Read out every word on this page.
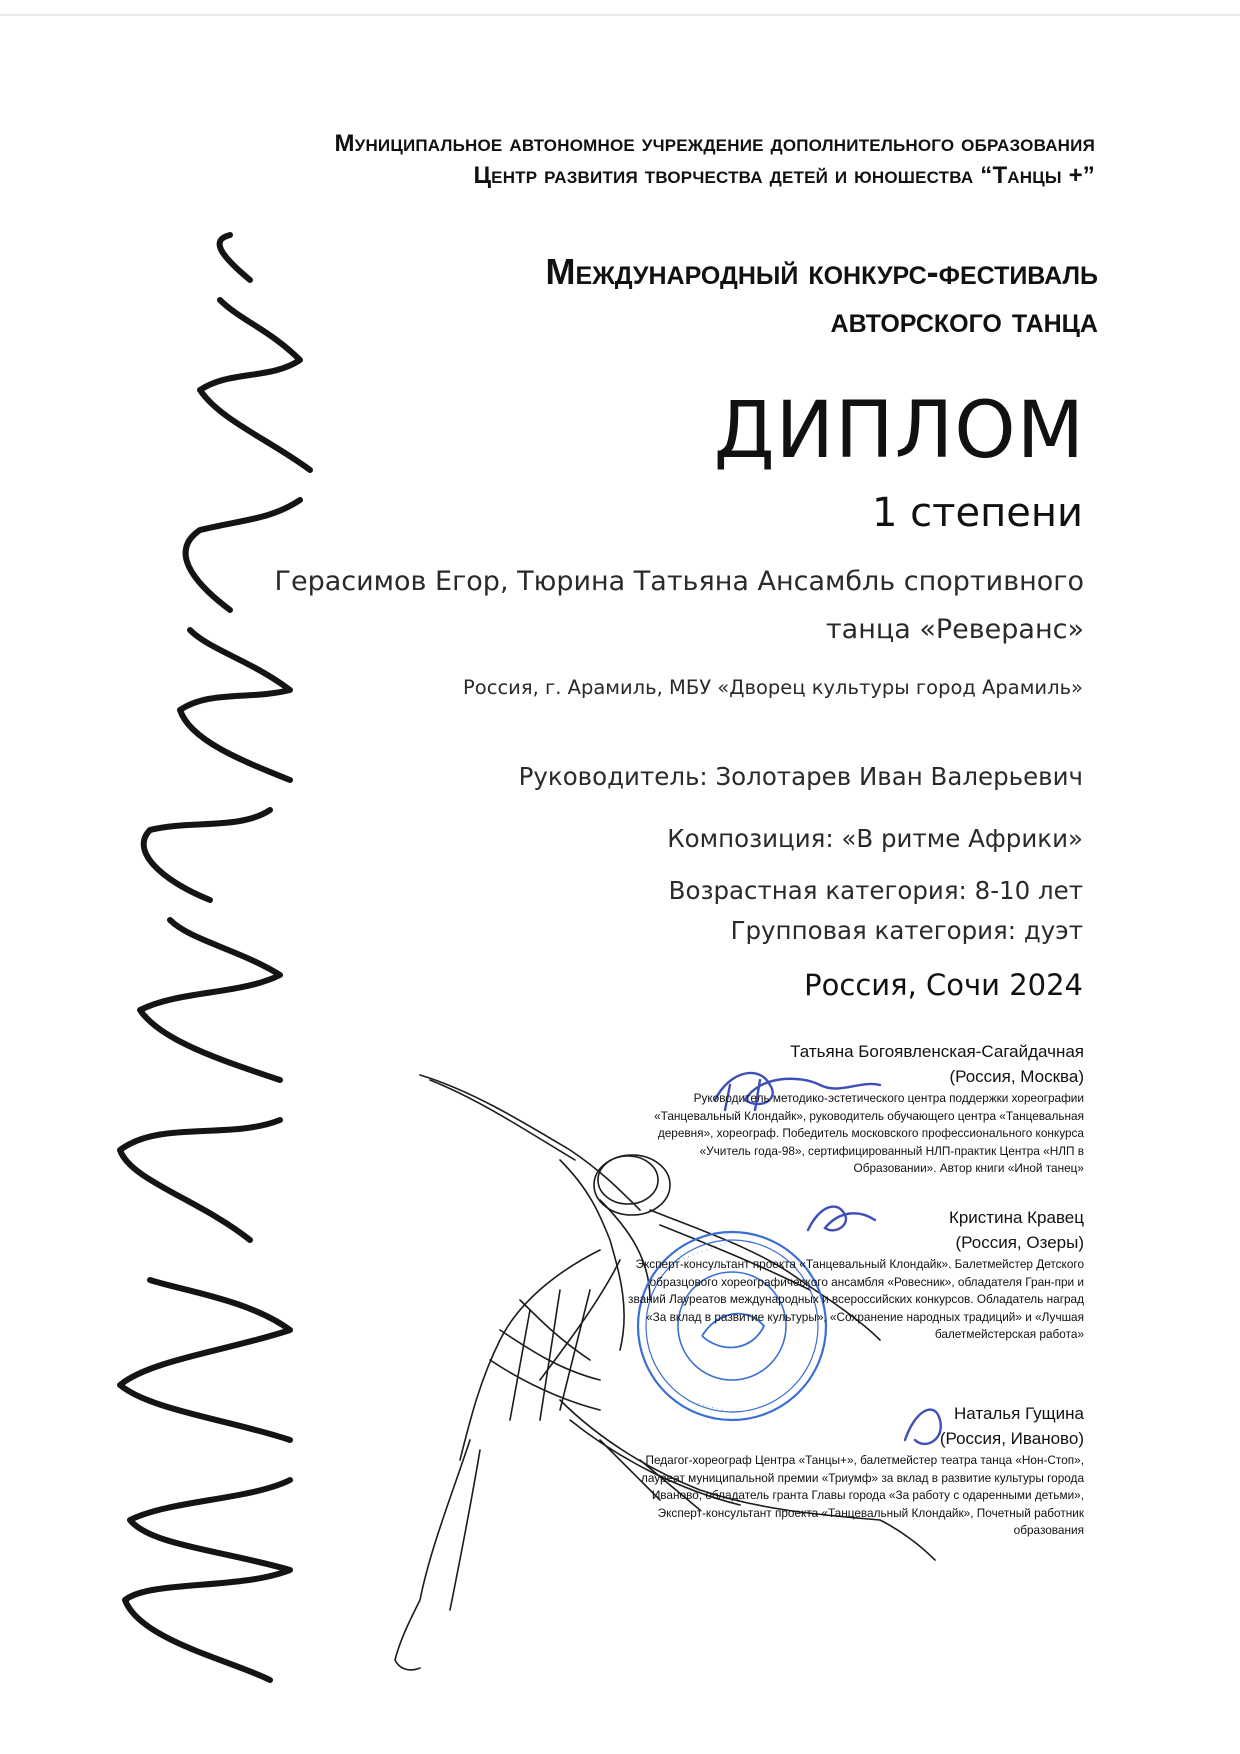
· · · · · · · · · · · ·
· · · · · · · · · ·
Муниципальное автономное учреждение дополнительного образования
Центр развития творчества детей и юношества “Танцы +”
Международный конкурс-фестиваль
авторского танца
ДИПЛОМ
1 степени
Герасимов Егор, Тюрина Татьяна Ансамбль спортивного танца «Реверанс»
Россия, г. Арамиль, МБУ «Дворец культуры город Арамиль»
Руководитель: Золотарев Иван Валерьевич
Композиция: «В ритме Африки»
Возрастная категория: 8-10 лет
Групповая категория: дуэт
Россия, Сочи 2024
Татьяна Богоявленская-Сагайдачная
(Россия, Москва)
Руководитель методико-эстетического центра поддержки хореографии «Танцевальный Клондайк», руководитель обучающего центра «Танцевальная деревня», хореограф. Победитель московского профессионального конкурса «Учитель года-98», сертифицированный НЛП-практик Центра «НЛП в Образовании». Автор книги «Иной танец»
Кристина Кравец
(Россия, Озеры)
Эксперт-консультант проекта «Танцевальный Клондайк». Балетмейстер Детского образцового хореографического ансамбля «Ровесник», обладателя Гран-при и званий Лауреатов международных и всероссийских конкурсов. Обладатель наград «За вклад в развитие культуры», «Сохранение народных традиций» и «Лучшая балетмейстерская работа»
Наталья Гущина
(Россия, Иваново)
Педагог-хореограф Центра «Танцы+», балетмейстер театра танца «Нон-Стоп», лауреат муниципальной премии «Триумф» за вклад в развитие культуры города Иваново, обладатель гранта Главы города «За работу с одаренными детьми», Эксперт-консультант проекта «Танцевальный Клондайк», Почетный работник образования
